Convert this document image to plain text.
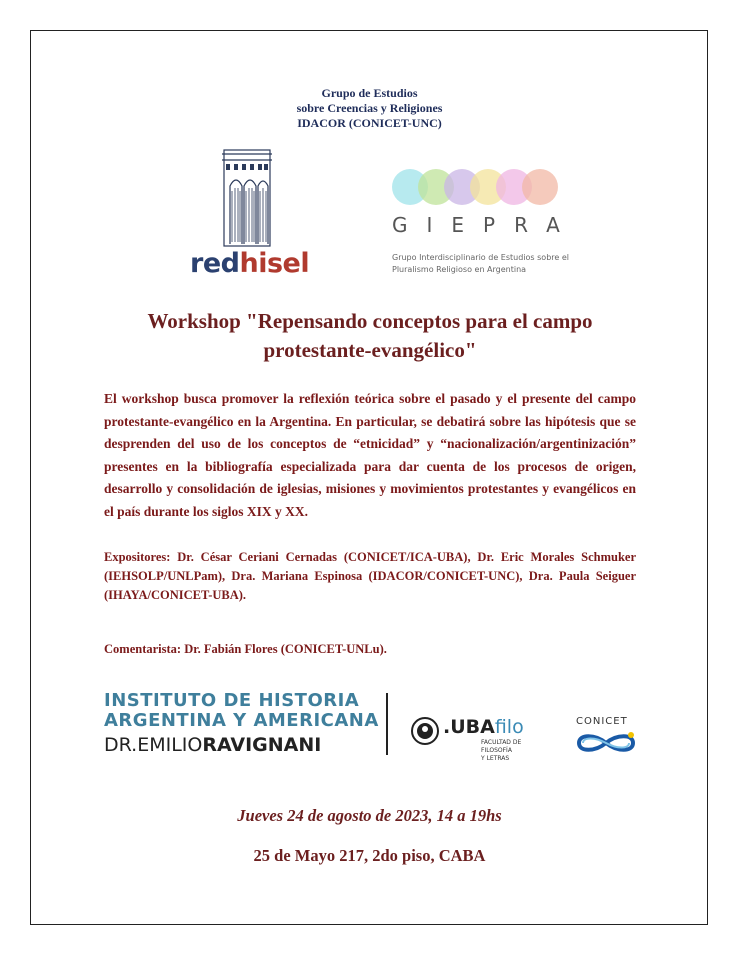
Grupo de Estudios
sobre Creencias y Religiones
IDACOR (CONICET-UNC)
redhisel
GIEPRA
Grupo Interdisciplinario de Estudios sobre el
Pluralismo Religioso en Argentina
Workshop "Repensando conceptos para el campo
protestante-evangélico"
El workshop busca promover la reflexión teórica sobre el pasado y el presente del campo protestante-evangélico en la Argentina. En particular, se debatirá sobre las hipótesis que se desprenden del uso de los conceptos de “etnicidad” y “nacionalización/argentinización” presentes en la bibliografía especializada para dar cuenta de los procesos de origen, desarrollo y consolidación de iglesias, misiones y movimientos protestantes y evangélicos en el país durante los siglos XIX y XX.
Expositores: Dr. César Ceriani Cernadas (CONICET/ICA-UBA), Dr. Eric Morales Schmuker (IEHSOLP/UNLPam), Dra. Mariana Espinosa (IDACOR/CONICET-UNC), Dra. Paula Seiguer (IHAYA/CONICET-UBA).
Comentarista: Dr. Fabián Flores (CONICET-UNLu).
INSTITUTO DE HISTORIA
ARGENTINA Y AMERICANA
DR.EMILIORAVIGNANI
.UBAfilo
FACULTAD DE FILOSOFÍA
Y LETRAS
CONICET
Jueves 24 de agosto de 2023, 14 a 19hs
25 de Mayo 217, 2do piso, CABA
